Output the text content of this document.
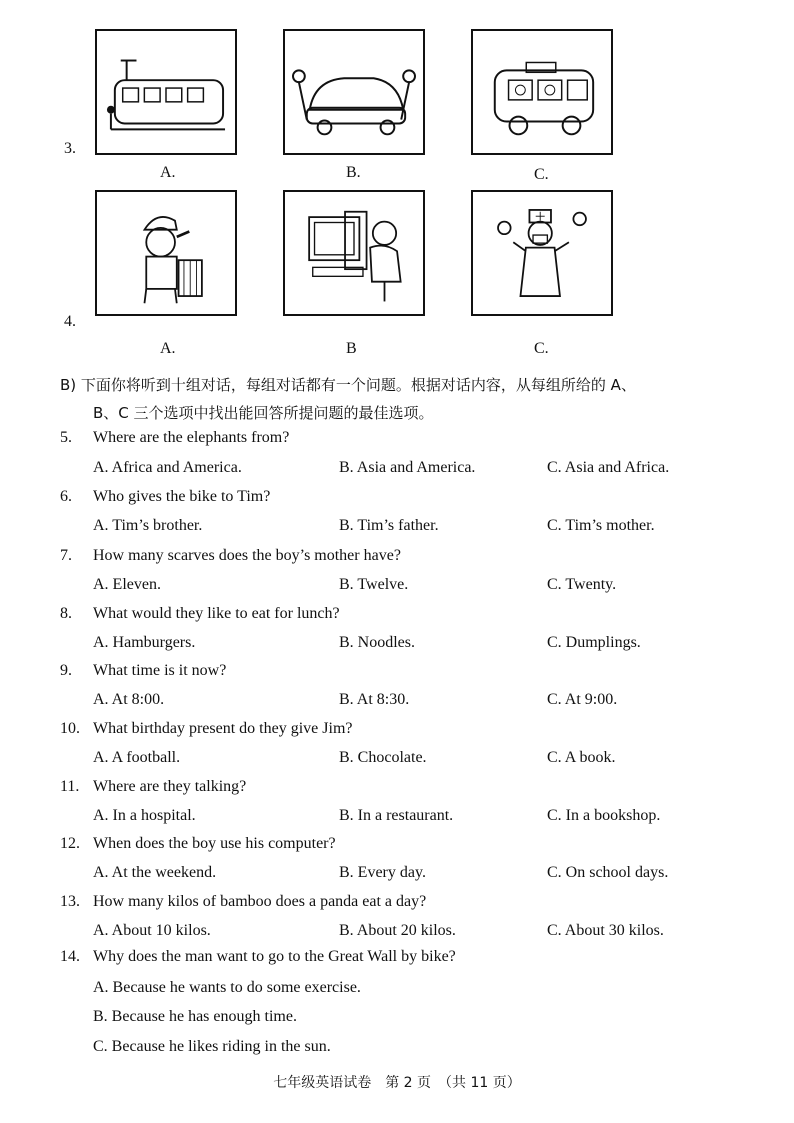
3.
A.	B.	C.
4.
A.	B	C.
B) 下面你将听到十组对话，每组对话都有一个问题。根据对话内容，从每组所给的 A、
B、C 三个选项中找出能回答所提问题的最佳选项。
5. Where are the elephants from?
A. Africa and America.	B. Asia and America.	C. Asia and Africa.
6. Who gives the bike to Tim?
A. Tim’s brother.	B. Tim’s father.	C. Tim’s mother.
7. How many scarves does the boy’s mother have?
A. Eleven.	B. Twelve.	C. Twenty.
8. What would they like to eat for lunch?
A. Hamburgers.	B. Noodles.	C. Dumplings.
9. What time is it now?
A. At 8:00.	B. At 8:30.	C. At 9:00.
10. What birthday present do they give Jim?
A. A football.	B. Chocolate.	C. A book.
11. Where are they talking?
A. In a hospital.	B. In a restaurant.	C. In a bookshop.
12. When does the boy use his computer?
A. At the weekend.	B. Every day.	C. On school days.
13. How many kilos of bamboo does a panda eat a day?
A. About 10 kilos.	B. About 20 kilos.	C. About 30 kilos.
14. Why does the man want to go to the Great Wall by bike?
A. Because he wants to do some exercise.
B. Because he has enough time.
C. Because he likes riding in the sun.
七年级英语试卷　第 2 页　（共 11 页）
